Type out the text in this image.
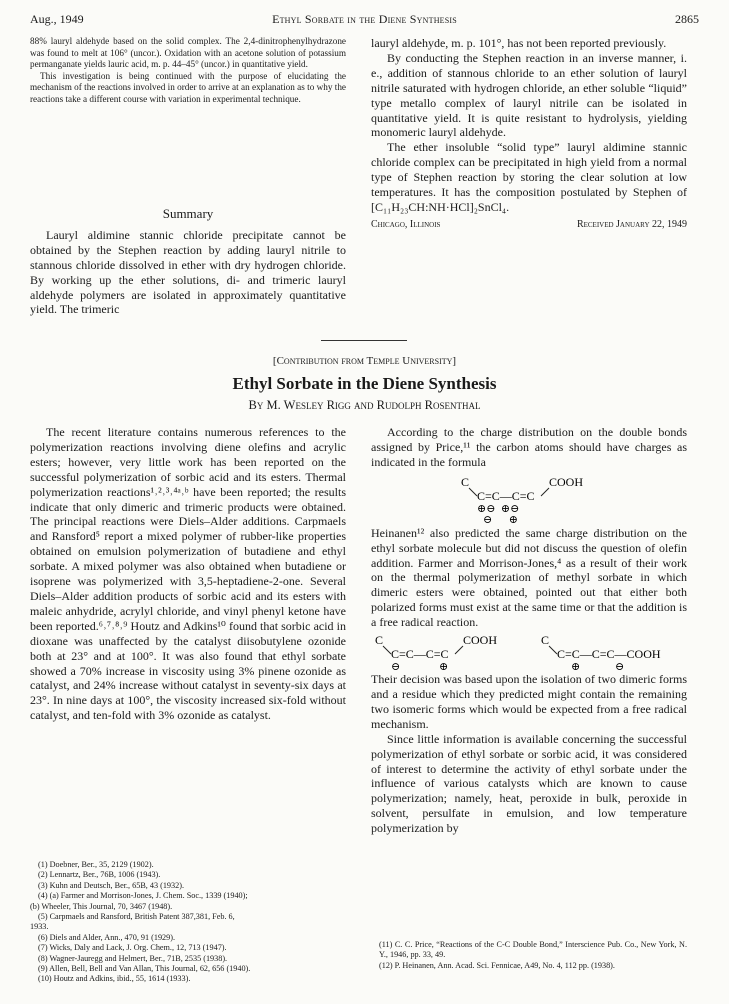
Aug., 1949	Ethyl Sorbate in the Diene Synthesis	2865

88% lauryl aldehyde based on the solid complex. The 2,4-dinitrophenylhydrazone was found to melt at 106° (uncor.). Oxidation with an acetone solution of potassium permanganate yields lauric acid, m. p. 44–45° (uncor.) in quantitative yield.

This investigation is being continued with the purpose of elucidating the mechanism of the reactions involved in order to arrive at an explanation as to why the reactions take a different course with variation in experimental technique.

Summary

Lauryl aldimine stannic chloride precipitate cannot be obtained by the Stephen reaction by adding lauryl nitrile to stannous chloride dissolved in ether with dry hydrogen chloride. By working up the ether solutions, di- and trimeric lauryl aldehyde polymers are isolated in approximately quantitative yield. The trimeric

lauryl aldehyde, m. p. 101°, has not been reported previously.

By conducting the Stephen reaction in an inverse manner, i. e., addition of stannous chloride to an ether solution of lauryl nitrile saturated with hydrogen chloride, an ether soluble “liquid” type metallo complex of lauryl nitrile can be isolated in quantitative yield. It is quite resistant to hydrolysis, yielding monomeric lauryl aldehyde.

The ether insoluble “solid type” lauryl aldimine stannic chloride complex can be precipitated in high yield from a normal type of Stephen reaction by storing the clear solution at low temperatures. It has the composition postulated by Stephen of [C₁₁H₂₃CH:NH·HCl]₂SnCl₄.

Chicago, Illinois	Received January 22, 1949
[Contribution from Temple University]
Ethyl Sorbate in the Diene Synthesis
By M. Wesley Rigg and Rudolph Rosenthal

The recent literature contains numerous references to the polymerization reactions involving diene olefins and acrylic esters; however, very little work has been reported on the successful polymerization of sorbic acid and its esters. Thermal polymerization reactions¹˒²˒³˒⁴ᵃ˒ᵇ have been reported; the results indicate that only dimeric and trimeric products were obtained. The principal reactions were Diels–Alder additions. Carpmaels and Ransford⁵ report a mixed polymer of rubber-like properties obtained on emulsion polymerization of butadiene and ethyl sorbate. A mixed polymer was also obtained when butadiene or isoprene was polymerized with 3,5-heptadiene-2-one. Several Diels–Alder addition products of sorbic acid and its esters with maleic anhydride, acrylyl chloride, and vinyl phenyl ketone have been reported.⁶˒⁷˒⁸˒⁹ Houtz and Adkins¹⁰ found that sorbic acid in dioxane was unaffected by the catalyst diisobutylene ozonide both at 23° and at 100°. It was also found that ethyl sorbate showed a 70% increase in viscosity using 3% pinene ozonide as catalyst, and 24% increase without catalyst in seventy-six days at 23°. In nine days at 100°, the viscosity increased six-fold without catalyst, and ten-fold with 3% ozonide as catalyst.

(1) Doebner, Ber., 35, 2129 (1902).
(2) Lennartz, Ber., 76B, 1006 (1943).
(3) Kuhn and Deutsch, Ber., 65B, 43 (1932).
(4) (a) Farmer and Morrison-Jones, J. Chem. Soc., 1339 (1940);
(b) Wheeler, This Journal, 70, 3467 (1948).
(5) Carpmaels and Ransford, British Patent 387,381, Feb. 6,
1933.
(6) Diels and Alder, Ann., 470, 91 (1929).
(7) Wicks, Daly and Lack, J. Org. Chem., 12, 713 (1947).
(8) Wagner-Jauregg and Helmert, Ber., 71B, 2535 (1938).
(9) Allen, Bell, Bell and Van Allan, This Journal, 62, 656 (1940).
(10) Houtz and Adkins, ibid., 55, 1614 (1933).

According to the charge distribution on the double bonds assigned by Price,¹¹ the carbon atoms should have charges as indicated in the formula

C
C=C—C=C
COOH
⊕⊖  ⊕⊖
⊖      ⊕

Heinanen¹² also predicted the same charge distribution on the ethyl sorbate molecule but did not discuss the question of olefin addition. Farmer and Morrison-Jones,⁴ as a result of their work on the thermal polymerization of methyl sorbate in which dimeric esters were obtained, pointed out that either both polarized forms must exist at the same time or that the addition is a free radical reaction.

C
C=C—C=C
COOH
⊖	⊕
C
C=C—C=C—COOH
⊕	⊖

Their decision was based upon the isolation of two dimeric forms and a residue which they predicted might contain the remaining two isomeric forms which would be expected from a free radical mechanism.

Since little information is available concerning the successful polymerization of ethyl sorbate or sorbic acid, it was considered of interest to determine the activity of ethyl sorbate under the influence of various catalysts which are known to cause polymerization; namely, heat, peroxide in bulk, peroxide in solvent, persulfate in emulsion, and low temperature polymerization by

(11) C. C. Price, “Reactions of the C-C Double Bond,” Interscience Pub. Co., New York, N. Y., 1946, pp. 33, 49.
(12) P. Heinanen, Ann. Acad. Sci. Fennicae, A49, No. 4, 112 pp. (1938).
